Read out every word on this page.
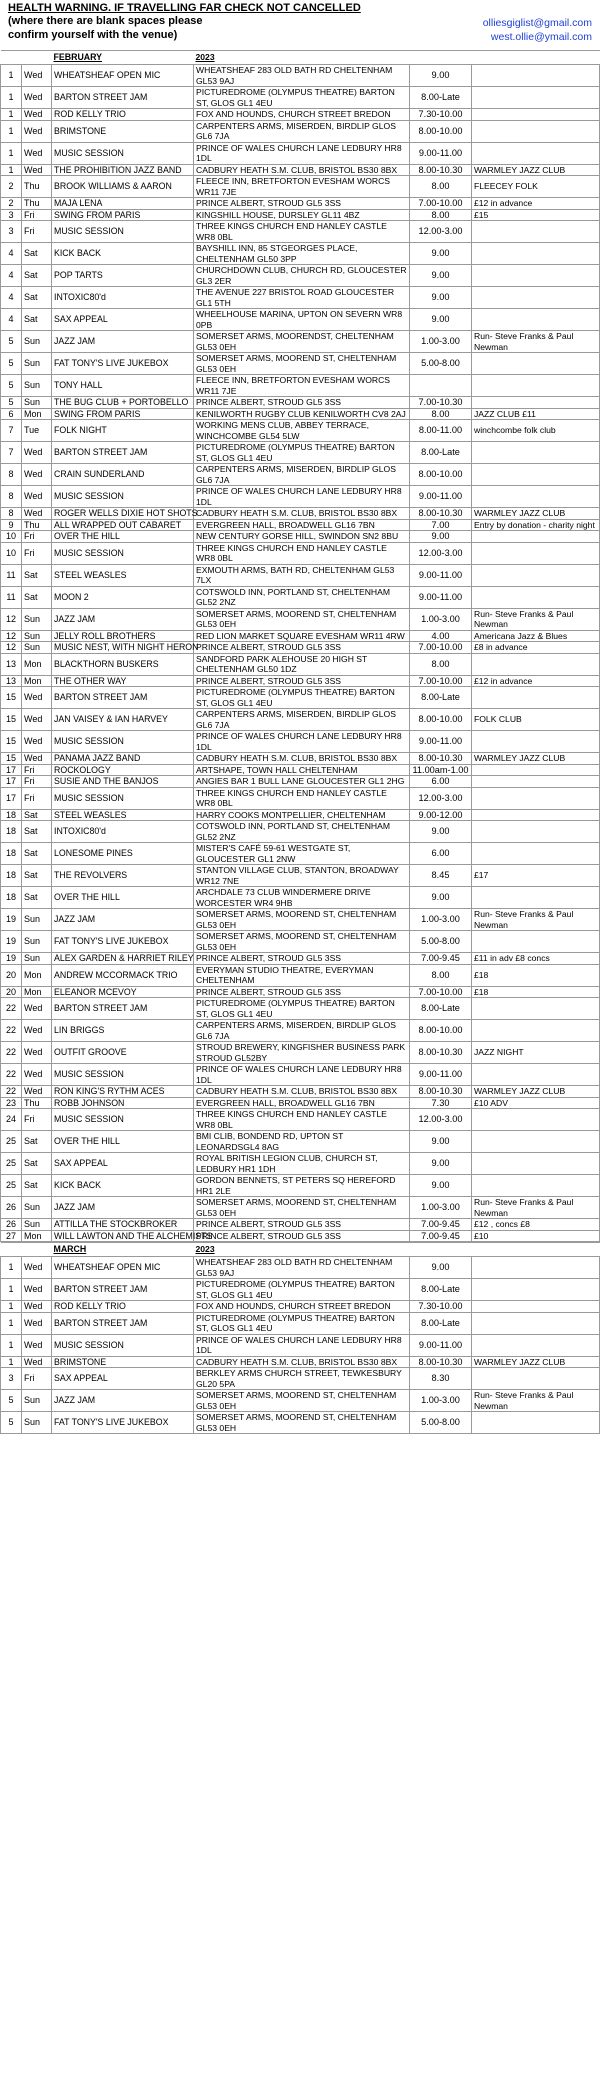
HEALTH WARNING. IF TRAVELLING FAR CHECK NOT CANCELLED
(where there are blank spaces please
confirm yourself with the venue)
olliesgiglist@gmail.com
west.ollie@ymail.com
		FEBRUARY	2023		
1	Wed	WHEATSHEAF OPEN MIC	WHEATSHEAF 283 OLD BATH RD CHELTENHAM GL53 9AJ	9.00	
1	Wed	BARTON STREET JAM	PICTUREDROME (OLYMPUS THEATRE) BARTON ST, GLOS GL1 4EU	8.00-Late	
1	Wed	ROD KELLY TRIO	FOX AND HOUNDS, CHURCH STREET BREDON	7.30-10.00	
1	Wed	BRIMSTONE	CARPENTERS ARMS, MISERDEN, BIRDLIP GLOS GL6 7JA	8.00-10.00	
1	Wed	MUSIC SESSION	PRINCE OF WALES CHURCH LANE LEDBURY HR8 1DL	9.00-11.00	
1	Wed	THE PROHIBITION JAZZ BAND	CADBURY HEATH S.M. CLUB, BRISTOL BS30 8BX	8.00-10.30	WARMLEY JAZZ CLUB
2	Thu	BROOK WILLIAMS & AARON	FLEECE INN, BRETFORTON EVESHAM WORCS WR11 7JE	8.00	FLEECEY FOLK
2	Thu	MAJA LENA	PRINCE ALBERT, STROUD GL5 3SS	7.00-10.00	£12 in advance
3	Fri	SWING FROM PARIS	KINGSHILL HOUSE, DURSLEY GL11 4BZ	8.00	£15
3	Fri	MUSIC SESSION	THREE KINGS CHURCH END HANLEY CASTLE WR8 0BL	12.00-3.00	
4	Sat	KICK BACK	BAYSHILL INN, 85 STGEORGES PLACE, CHELTENHAM GL50 3PP	9.00	
4	Sat	POP TARTS	CHURCHDOWN CLUB, CHURCH RD, GLOUCESTER GL3 2ER	9.00	
4	Sat	INTOXIC80'd	THE AVENUE 227 BRISTOL ROAD GLOUCESTER GL1 5TH	9.00	
4	Sat	SAX APPEAL	WHEELHOUSE MARINA, UPTON ON SEVERN WR8 0PB	9.00	
5	Sun	JAZZ JAM	SOMERSET ARMS, MOORENDST, CHELTENHAM GL53 0EH	1.00-3.00	Run- Steve Franks & Paul Newman
5	Sun	FAT TONY'S LIVE JUKEBOX	SOMERSET ARMS, MOOREND ST, CHELTENHAM GL53 0EH	5.00-8.00	
5	Sun	TONY HALL	FLEECE INN, BRETFORTON EVESHAM WORCS WR11 7JE		
5	Sun	THE BUG CLUB + PORTOBELLO	PRINCE ALBERT, STROUD GL5 3SS	7.00-10.30	
6	Mon	SWING FROM PARIS	KENILWORTH RUGBY CLUB KENILWORTH CV8 2AJ	8.00	JAZZ CLUB £11
7	Tue	FOLK NIGHT	WORKING MENS CLUB, ABBEY TERRACE, WINCHCOMBE GL54 5LW	8.00-11.00	winchcombe folk club
7	Wed	BARTON STREET JAM	PICTUREDROME (OLYMPUS THEATRE) BARTON ST, GLOS GL1 4EU	8.00-Late	
8	Wed	CRAIN SUNDERLAND	CARPENTERS ARMS, MISERDEN, BIRDLIP GLOS GL6 7JA	8.00-10.00	
8	Wed	MUSIC SESSION	PRINCE OF WALES CHURCH LANE LEDBURY HR8 1DL	9.00-11.00	
8	Wed	ROGER WELLS DIXIE HOT SHOTS	CADBURY HEATH S.M. CLUB, BRISTOL BS30 8BX	8.00-10.30	WARMLEY JAZZ CLUB
9	Thu	ALL WRAPPED OUT CABARET	EVERGREEN HALL, BROADWELL GL16 7BN	7.00	Entry by donation - charity night
10	Fri	OVER THE HILL	NEW CENTURY GORSE HILL, SWINDON SN2 8BU	9.00	
10	Fri	MUSIC SESSION	THREE KINGS CHURCH END HANLEY CASTLE WR8 0BL	12.00-3.00	
11	Sat	STEEL WEASLES	EXMOUTH ARMS, BATH RD, CHELTENHAM GL53 7LX	9.00-11.00	
11	Sat	MOON 2	COTSWOLD INN, PORTLAND ST, CHELTENHAM GL52 2NZ	9.00-11.00	
12	Sun	JAZZ JAM	SOMERSET ARMS, MOOREND ST, CHELTENHAM GL53 0EH	1.00-3.00	Run- Steve Franks & Paul Newman
12	Sun	JELLY ROLL BROTHERS	RED LION MARKET SQUARE EVESHAM WR11 4RW	4.00	Americana Jazz & Blues
12	Sun	MUSIC NEST, WITH NIGHT HERON	PRINCE ALBERT, STROUD GL5 3SS	7.00-10.00	£8 in advance
13	Mon	BLACKTHORN BUSKERS	SANDFORD PARK ALEHOUSE 20 HIGH ST CHELTENHAM GL50 1DZ	8.00	
13	Mon	THE OTHER WAY	PRINCE ALBERT, STROUD GL5 3SS	7.00-10.00	£12 in advance
15	Wed	BARTON STREET JAM	PICTUREDROME (OLYMPUS THEATRE) BARTON ST, GLOS GL1 4EU	8.00-Late	
15	Wed	JAN VAISEY & IAN HARVEY	CARPENTERS ARMS, MISERDEN, BIRDLIP GLOS GL6 7JA	8.00-10.00	FOLK CLUB
15	Wed	MUSIC SESSION	PRINCE OF WALES CHURCH LANE LEDBURY HR8 1DL	9.00-11.00	
15	Wed	PANAMA JAZZ BAND	CADBURY HEATH S.M. CLUB, BRISTOL BS30 8BX	8.00-10.30	WARMLEY JAZZ CLUB
17	Fri	ROCKOLOGY	ARTSHAPE, TOWN HALL CHELTENHAM	11.00am-1.00	
17	Fri	SUSIE AND THE BANJOS	ANGIES BAR 1 BULL LANE GLOUCESTER GL1 2HG	6.00	
17	Fri	MUSIC SESSION	THREE KINGS CHURCH END HANLEY CASTLE WR8 0BL	12.00-3.00	
18	Sat	STEEL WEASLES	HARRY COOKS MONTPELLIER, CHELTENHAM	9.00-12.00	
18	Sat	INTOXIC80'd	COTSWOLD INN, PORTLAND ST, CHELTENHAM GL52 2NZ	9.00	
18	Sat	LONESOME PINES	MISTER'S CAFÉ 59-61 WESTGATE ST, GLOUCESTER GL1 2NW	6.00	
18	Sat	THE REVOLVERS	STANTON VILLAGE CLUB, STANTON, BROADWAY WR12 7NE	8.45	£17
18	Sat	OVER THE HILL	ARCHDALE 73 CLUB WINDERMERE DRIVE WORCESTER WR4 9HB	9.00	
19	Sun	JAZZ JAM	SOMERSET ARMS, MOOREND ST, CHELTENHAM GL53 0EH	1.00-3.00	Run- Steve Franks & Paul Newman
19	Sun	FAT TONY'S LIVE JUKEBOX	SOMERSET ARMS, MOOREND ST, CHELTENHAM GL53 0EH	5.00-8.00	
19	Sun	ALEX GARDEN & HARRIET RILEY	PRINCE ALBERT, STROUD GL5 3SS	7.00-9.45	£11 in adv £8 concs
20	Mon	ANDREW MCCORMACK TRIO	EVERYMAN STUDIO THEATRE, EVERYMAN CHELTENHAM	8.00	£18
20	Mon	ELEANOR MCEVOY	PRINCE ALBERT, STROUD GL5 3SS	7.00-10.00	£18
22	Wed	BARTON STREET JAM	PICTUREDROME (OLYMPUS THEATRE) BARTON ST, GLOS GL1 4EU	8.00-Late	
22	Wed	LIN BRIGGS	CARPENTERS ARMS, MISERDEN, BIRDLIP GLOS GL6 7JA	8.00-10.00	
22	Wed	OUTFIT GROOVE	STROUD BREWERY, KINGFISHER BUSINESS PARK STROUD GL52BY	8.00-10.30	JAZZ NIGHT
22	Wed	MUSIC SESSION	PRINCE OF WALES CHURCH LANE LEDBURY HR8 1DL	9.00-11.00	
22	Wed	RON KING'S RYTHM ACES	CADBURY HEATH S.M. CLUB, BRISTOL BS30 8BX	8.00-10.30	WARMLEY JAZZ CLUB
23	Thu	ROBB JOHNSON	EVERGREEN HALL, BROADWELL GL16 7BN	7.30	£10 ADV
24	Fri	MUSIC SESSION	THREE KINGS CHURCH END HANLEY CASTLE WR8 0BL	12.00-3.00	
25	Sat	OVER THE HILL	BMI CLIB, BONDEND RD, UPTON ST LEONARDSGL4 8AG	9.00	
25	Sat	SAX APPEAL	ROYAL BRITISH LEGION CLUB, CHURCH ST, LEDBURY HR1 1DH	9.00	
25	Sat	KICK BACK	GORDON BENNETS, ST PETERS SQ HEREFORD HR1 2LE	9.00	
26	Sun	JAZZ JAM	SOMERSET ARMS, MOOREND ST, CHELTENHAM GL53 0EH	1.00-3.00	Run- Steve Franks & Paul Newman
26	Sun	ATTILLA THE STOCKBROKER	PRINCE ALBERT, STROUD GL5 3SS	7.00-9.45	£12 , concs £8
27	Mon	WILL LAWTON AND THE ALCHEMISTS	PRINCE ALBERT, STROUD GL5 3SS	7.00-9.45	£10
		MARCH	2023		
1	Wed	WHEATSHEAF OPEN MIC	WHEATSHEAF 283 OLD BATH RD CHELTENHAM GL53 9AJ	9.00	
1	Wed	BARTON STREET JAM	PICTUREDROME (OLYMPUS THEATRE) BARTON ST, GLOS GL1 4EU	8.00-Late	
1	Wed	ROD KELLY TRIO	FOX AND HOUNDS, CHURCH STREET BREDON	7.30-10.00	
1	Wed	BARTON STREET JAM	PICTUREDROME (OLYMPUS THEATRE) BARTON ST, GLOS GL1 4EU	8.00-Late	
1	Wed	MUSIC SESSION	PRINCE OF WALES CHURCH LANE LEDBURY HR8 1DL	9.00-11.00	
1	Wed	BRIMSTONE	CADBURY HEATH S.M. CLUB, BRISTOL BS30 8BX	8.00-10.30	WARMLEY JAZZ CLUB
3	Fri	SAX APPEAL	BERKLEY ARMS CHURCH STREET, TEWKESBURY GL20 5PA	8.30	
5	Sun	JAZZ JAM	SOMERSET ARMS, MOOREND ST, CHELTENHAM GL53 0EH	1.00-3.00	Run- Steve Franks & Paul Newman
5	Sun	FAT TONY'S LIVE JUKEBOX	SOMERSET ARMS, MOOREND ST, CHELTENHAM GL53 0EH	5.00-8.00	
